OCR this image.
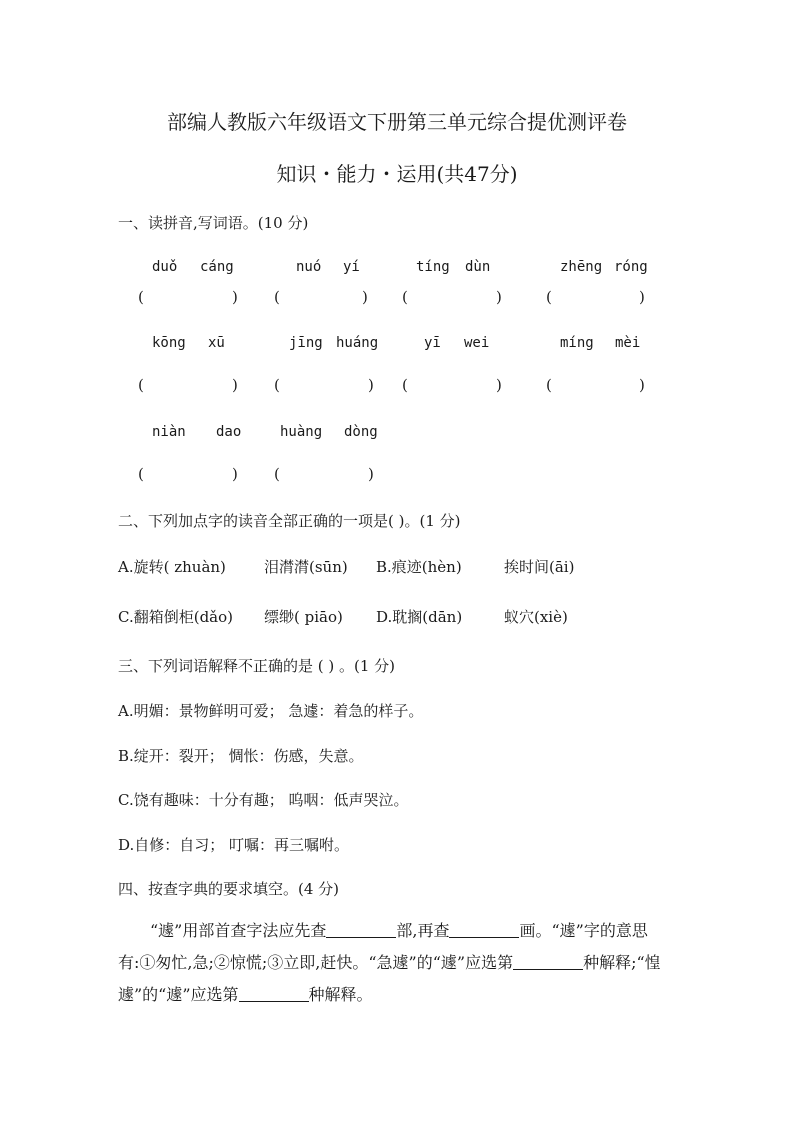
部编人教版六年级语文下册第三单元综合提优测评卷
知识・能力・运用(共47分)
一、读拼音,写词语。(10 分)
duǒ cáng	nuó yí	tíng dùn	zhēng róng
(	) (	) (	)	(	)
kōng xū	jīng huáng	yī wei	míng mèi
(	) (	) (	)	(	)
niàn dao	huàng dòng
(	) (	)
二、下列加点字的读音全部正确的一项是( )。(1 分)
A.旋转( zhuàn)	泪潸潸(sūn) B.痕迹(hèn)	挨时间(āi)
C.翻箱倒柜(dǎo) 缥缈( piāo) D.耽搁(dān)	蚁穴(xiè)
三、下列词语解释不正确的是 ( ) 。(1 分)
A.明媚：景物鲜明可爱； 急遽：着急的样子。
B.绽开：裂开； 惆怅：伤感，失意。
C.饶有趣味：十分有趣； 呜咽：低声哭泣。
D.自修：自习； 叮嘱：再三嘱咐。
四、按查字典的要求填空。(4 分)

“遽”用部首查字法应先查	部,再查	画。“遽”字的意思有:①匆忙,急;②惊慌;③立即,赶快。“急遽”的“遽”应选第	种解释;“惶遽”的“遽”应选第	种解释。
